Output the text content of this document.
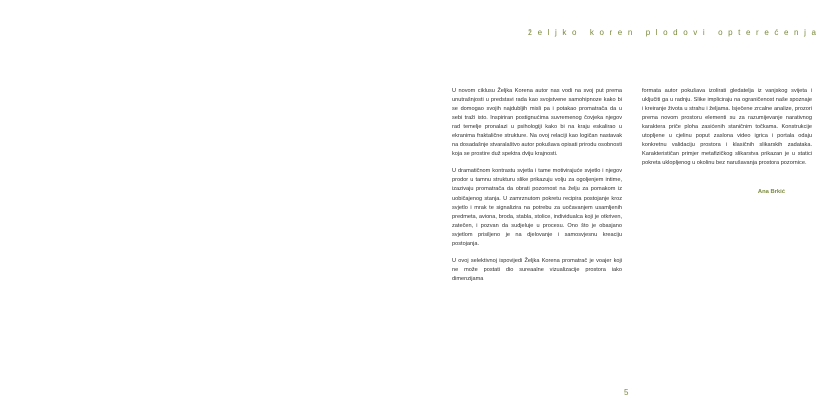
željko koren plodovi opterećenja

U novom ciklusu Željka Korena autor nas vodi na svoj put prema unutrašnjosti u predstavi rada kao svojstvene samohipnoze kako bi se domogao svojih najdubljih misli pa i potakao promatrača da u sebi traži isto. Inspiriran postignućima suvremenog čovjeka njegov rad temelje pronalazi u psihologiji kako bi na kraju eskalirao u ekranima fraktalične strukture. Na ovoj relaciji kao logičan nastavak na dosadašnje stvaralaštvo autor pokušava opisati prirodu osobnosti koja se prostire duž spektra dviju krajnosti.

U dramatičnom kontrastu svjetla i tame motivirajuće svjetlo i njegov prodor u tamnu strukturu slike prikazuju volju za ogoljenjem intime, izazivaju promatrača da obrati pozornost na želju za pomakom iz uobičajenog stanja. U zamrznutom pokretu recipira postojanje kroz svjetlo i mrak te signalizira na potrebu za uočavanjem usamljenih predmeta, aviona, broda, stabla, stolice, individualca koji je otkriven, zatečen, i pozvan da sudjeluje u procesu. Ono što je obasjano svjetlom prisiljeno je na djelovanje i samosvjesnu kreaciju postojanja.

U ovoj selektivnoj ispovijedi Željka Korena promatrač je voajer koji ne može postati dio sureaalne vizualizacije prostora iako dimenzijama

formata autor pokušava izolirati gledatelja iz vanjskog svijeta i uključiti ga u radnju. Slike impliciraju na ograničenost naše spoznaje i kreiranje života u strahu i željama. Isječene zrcalne analize, prozori prema novom prostoru elementi su za razumijevanje narativnog karaktera priče ploha zasićenih staničnim točkama. Konstrukcije utopljene u cjelinu poput zaslona video igrica i portala odaju konkretnu validaciju prostora i klasičnih slikarskih zadataka. Karakterističan primjer metafizičkog slikarstva prikazan je u statici pokreta uklopljenog u okolinu bez narušavanja prostora pozornice.

Ana Brkić
5
